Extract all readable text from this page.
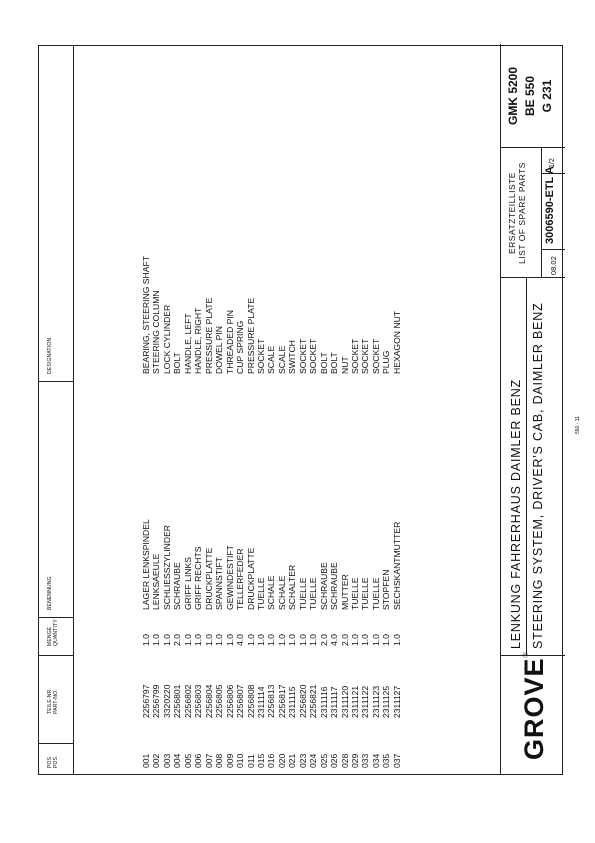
POS. POS.
TEILE-NR. PART-NO.
MENGE QUANTITY
BENENNUNG
DESIGNATION
001
2256797
1.0
LAGER LENKSPINDEL
BEARING, STEERING SHAFT
002
2256799
1.0
LENKSAEULE
STEERING COLUMN
003
3320220
1.0
SCHLIESSZYLINDER
LOCK CYLINDER
004
2256801
2.0
SCHRAUBE
BOLT
005
2256802
1.0
GRIFF LINKS
HANDLE, LEFT
006
2256803
1.0
GRIFF RECHTS
HANDLE, RIGHT
007
2256804
1.0
DRUCKPLATTE
PRESSURE PLATE
008
2256805
1.0
SPANNSTIFT
DOWEL PIN
009
2256806
1.0
GEWINDESTIFT
THREADED PIN
010
2256807
4.0
TELLERFEDER
CUP SPRING
011
2256808
1.0
DRUCKPLATTE
PRESSURE PLATE
015
2311114
1.0
TUELLE
SOCKET
016
2256813
1.0
SCHALE
SCALE
020
2256817
1.0
SCHALE
SCALE
021
2311115
1.0
SCHALTER
SWITCH
023
2256820
1.0
TUELLE
SOCKET
024
2256821
1.0
TUELLE
SOCKET
025
2311116
2.0
SCHRAUBE
BOLT
026
2311117
4.0
SCHRAUBE
BOLT
028
2311120
2.0
MUTTER
NUT
029
2311121
1.0
TUELLE
SOCKET
033
2311122
1.0
TUELLE
SOCKET
034
2311123
1.0
TUELLE
SOCKET
035
2311125
1.0
STOPFEN
PLUG
037
2311127
1.0
SECHSKANTMUTTER
HEXAGON NUT
GROVE®
LENKUNG FAHRERHAUS DAIMLER BENZ STEERING SYSTEM, DRIVER'S CAB, DAIMLER BENZ
ERSATZTEILLISTE LIST OF SPARE PARTS
08.02
3006590-ETL A
1/2
GMK 5200 BE 550 G 231
550 - 11
